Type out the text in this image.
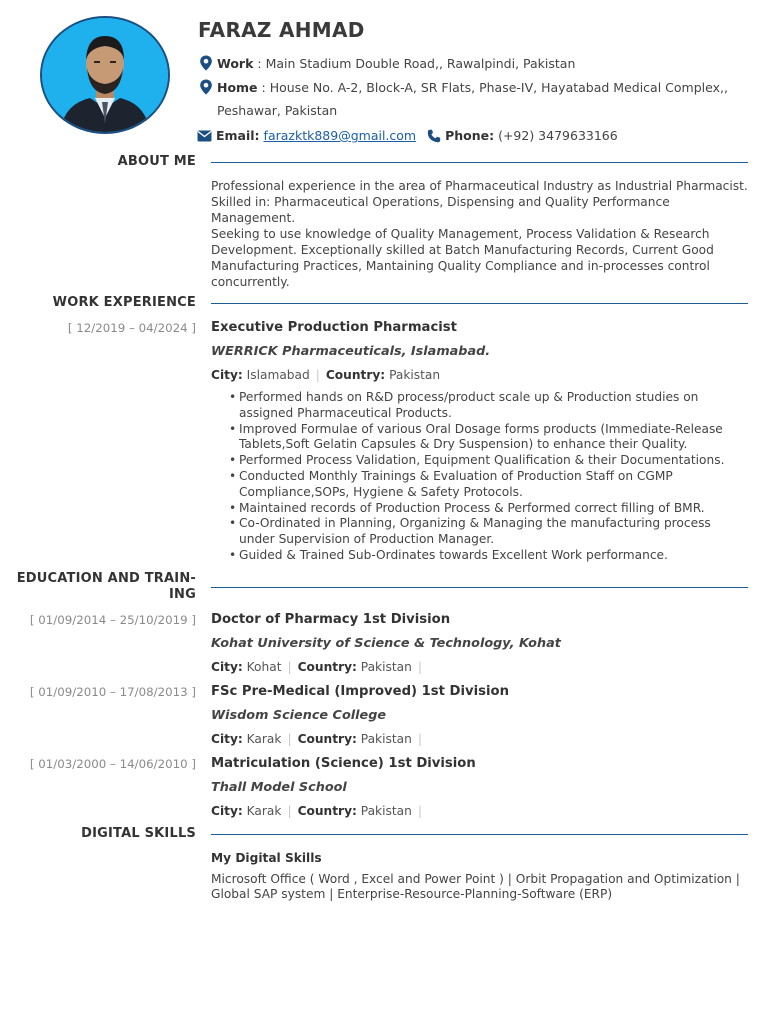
FARAZ AHMAD
Work : Main Stadium Double Road,, Rawalpindi, Pakistan
Home : House No. A-2, Block-A, SR Flats, Phase-IV, Hayatabad Medical Complex,,
Peshawar, Pakistan
Email: farazktk889@gmail.com Phone: (+92) 3479633166
ABOUT ME
Professional experience in the area of Pharmaceutical Industry as Industrial Pharmacist.
Skilled in: Pharmaceutical Operations, Dispensing and Quality Performance Management.
Seeking to use knowledge of Quality Management, Process Validation & Research
Development. Exceptionally skilled at Batch Manufacturing Records, Current Good
Manufacturing Practices, Mantaining Quality Compliance and in-processes control
concurrently.
WORK EXPERIENCE
[ 12/2019 – 04/2024 ] Executive Production Pharmacist
WERRICK Pharmaceuticals, Islamabad.
City: Islamabad | Country: Pakistan
• Performed hands on R&D process/product scale up & Production studies on assigned Pharmaceutical Products.
• Improved Formulae of various Oral Dosage forms products (Immediate-Release Tablets,Soft Gelatin Capsules & Dry Suspension) to enhance their Quality.
• Performed Process Validation, Equipment Qualification & their Documentations.
• Conducted Monthly Trainings & Evaluation of Production Staff on CGMP Compliance,SOPs, Hygiene & Safety Protocols.
• Maintained records of Production Process & Performed correct filling of BMR.
• Co-Ordinated in Planning, Organizing & Managing the manufacturing process under Supervision of Production Manager.
• Guided & Trained Sub-Ordinates towards Excellent Work performance.
EDUCATION AND TRAIN-
ING
[ 01/09/2014 – 25/10/2019 ] Doctor of Pharmacy 1st Division
Kohat University of Science & Technology, Kohat
City: Kohat | Country: Pakistan |
[ 01/09/2010 – 17/08/2013 ] FSc Pre-Medical (Improved) 1st Division
Wisdom Science College
City: Karak | Country: Pakistan |
[ 01/03/2000 – 14/06/2010 ] Matriculation (Science) 1st Division
Thall Model School
City: Karak | Country: Pakistan |
DIGITAL SKILLS
My Digital Skills
Microsoft Office ( Word , Excel and Power Point ) | Orbit Propagation and Optimization |
Global SAP system | Enterprise-Resource-Planning-Software (ERP)
